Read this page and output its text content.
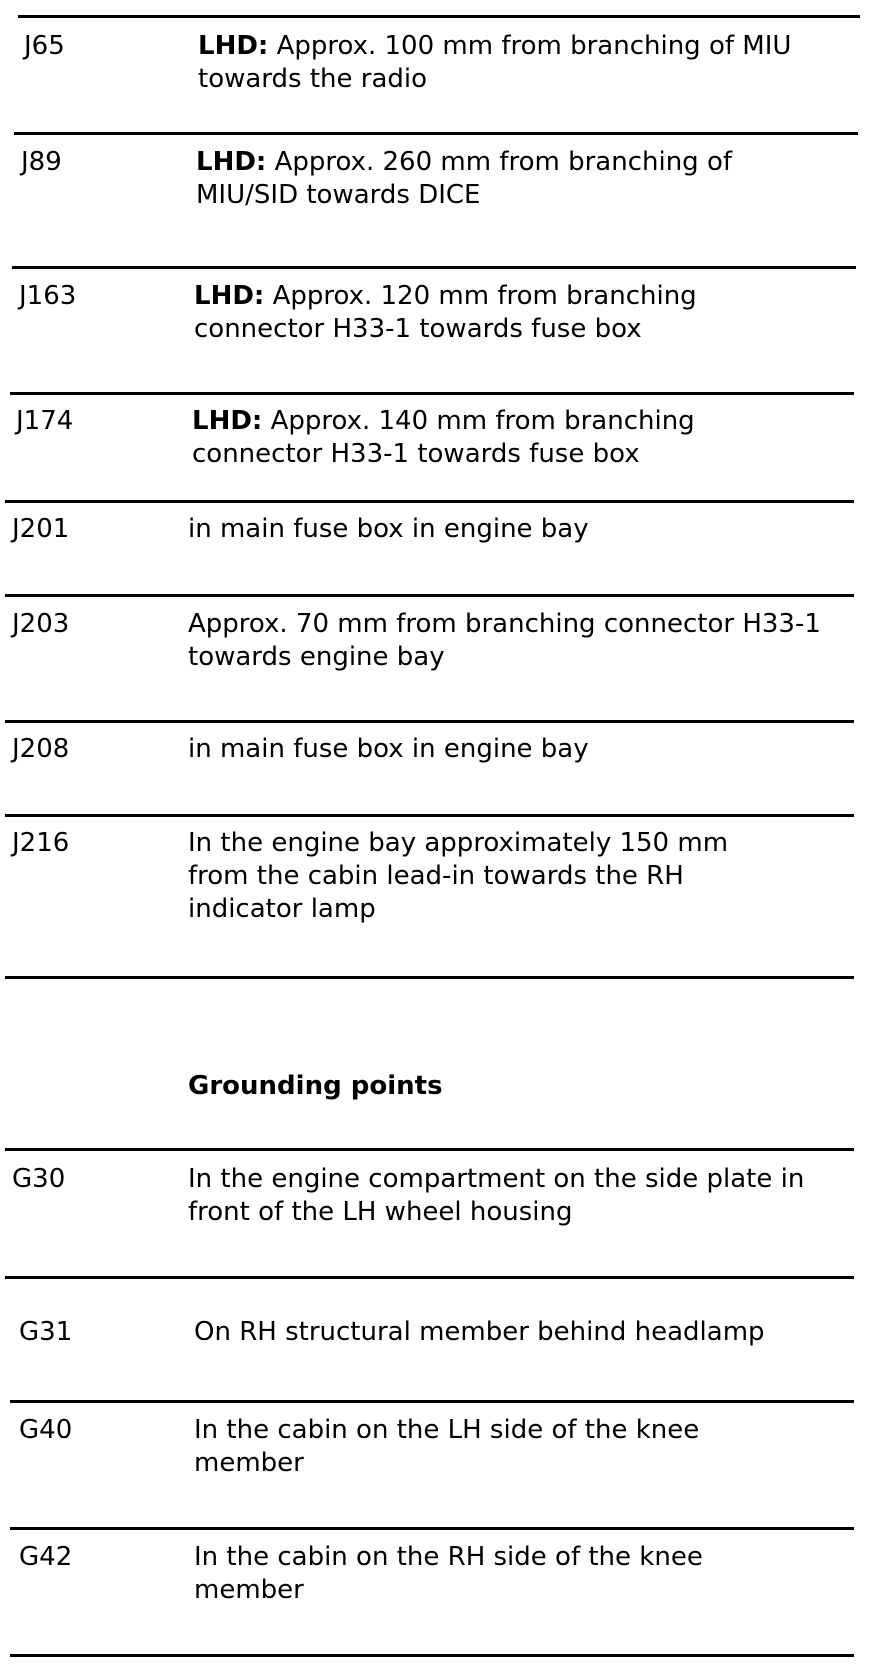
J65	LHD: Approx. 100 mm from branching of MIU towards the radio
J89	LHD: Approx. 260 mm from branching of MIU/SID towards DICE
J163	LHD: Approx. 120 mm from branching connector H33-1 towards fuse box
J174	LHD: Approx. 140 mm from branching connector H33-1 towards fuse box
J201	in main fuse box in engine bay
J203	Approx. 70 mm from branching connector H33-1 towards engine bay
J208	in main fuse box in engine bay
J216	In the engine bay approximately 150 mm from the cabin lead-in towards the RH indicator lamp
Grounding points
G30	In the engine compartment on the side plate in front of the LH wheel housing
G31	On RH structural member behind headlamp
G40	In the cabin on the LH side of the knee member
G42	In the cabin on the RH side of the knee member
